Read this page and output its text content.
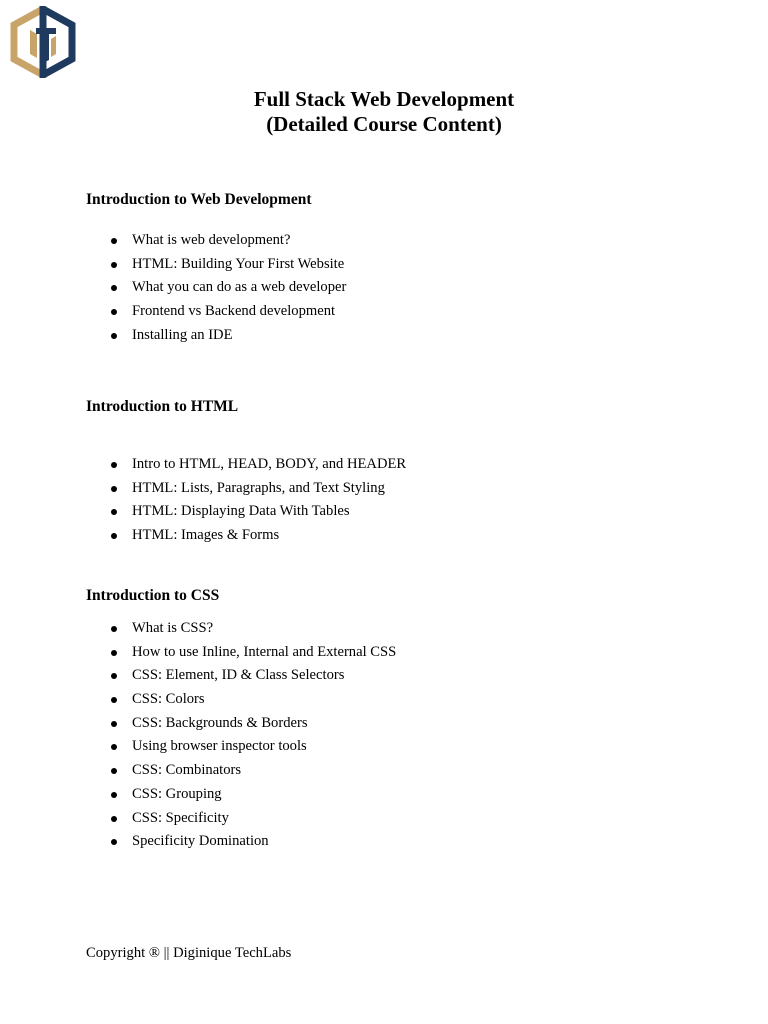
Full Stack Web Development
(Detailed Course Content)
Introduction to Web Development
What is web development?
HTML: Building Your First Website
What you can do as a web developer
Frontend vs Backend development
Installing an IDE
Introduction to HTML
Intro to HTML, HEAD, BODY, and HEADER
HTML: Lists, Paragraphs, and Text Styling
HTML: Displaying Data With Tables
HTML: Images & Forms
Introduction to CSS
What is CSS?
How to use Inline, Internal and External CSS
CSS: Element, ID & Class Selectors
CSS: Colors
CSS: Backgrounds & Borders
Using browser inspector tools
CSS: Combinators
CSS: Grouping
CSS: Specificity
Specificity Domination
Copyright ® || Diginique TechLabs
